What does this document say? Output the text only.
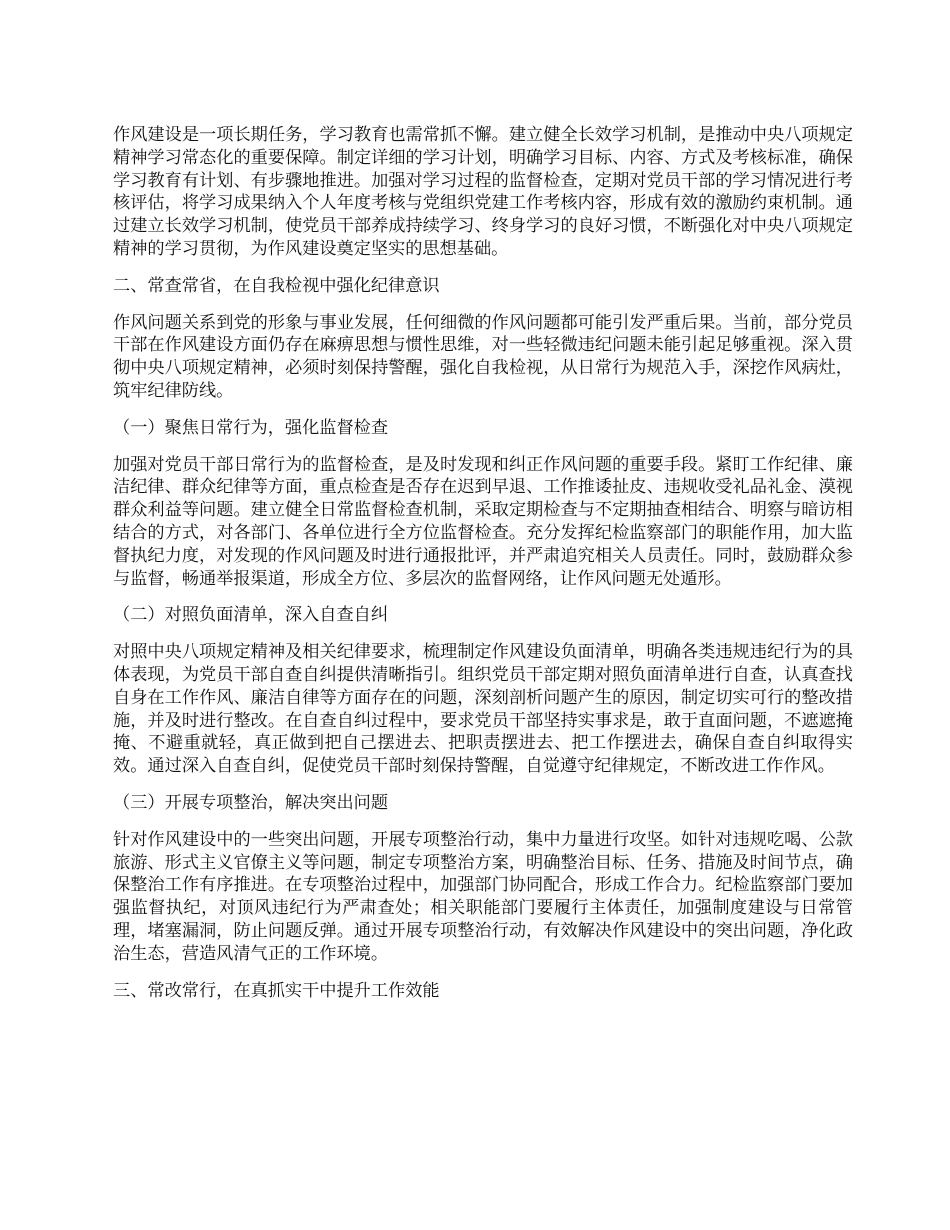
作风建设是一项长期任务，学习教育也需常抓不懈。建立健全长效学习机制，是推动中央八项规定精神学习常态化的重要保障。制定详细的学习计划，明确学习目标、内容、方式及考核标准，确保学习教育有计划、有步骤地推进。加强对学习过程的监督检查，定期对党员干部的学习情况进行考核评估，将学习成果纳入个人年度考核与党组织党建工作考核内容，形成有效的激励约束机制。通过建立长效学习机制，使党员干部养成持续学习、终身学习的良好习惯，不断强化对中央八项规定精神的学习贯彻，为作风建设奠定坚实的思想基础。

二、常查常省，在自我检视中强化纪律意识

作风问题关系到党的形象与事业发展，任何细微的作风问题都可能引发严重后果。当前，部分党员干部在作风建设方面仍存在麻痹思想与惯性思维，对一些轻微违纪问题未能引起足够重视。深入贯彻中央八项规定精神，必须时刻保持警醒，强化自我检视，从日常行为规范入手，深挖作风病灶，筑牢纪律防线。

（一）聚焦日常行为，强化监督检查

加强对党员干部日常行为的监督检查，是及时发现和纠正作风问题的重要手段。紧盯工作纪律、廉洁纪律、群众纪律等方面，重点检查是否存在迟到早退、工作推诿扯皮、违规收受礼品礼金、漠视群众利益等问题。建立健全日常监督检查机制，采取定期检查与不定期抽查相结合、明察与暗访相结合的方式，对各部门、各单位进行全方位监督检查。充分发挥纪检监察部门的职能作用，加大监督执纪力度，对发现的作风问题及时进行通报批评，并严肃追究相关人员责任。同时，鼓励群众参与监督，畅通举报渠道，形成全方位、多层次的监督网络，让作风问题无处遁形。

（二）对照负面清单，深入自查自纠

对照中央八项规定精神及相关纪律要求，梳理制定作风建设负面清单，明确各类违规违纪行为的具体表现，为党员干部自查自纠提供清晰指引。组织党员干部定期对照负面清单进行自查，认真查找自身在工作作风、廉洁自律等方面存在的问题，深刻剖析问题产生的原因，制定切实可行的整改措施，并及时进行整改。在自查自纠过程中，要求党员干部坚持实事求是，敢于直面问题，不遮遮掩掩、不避重就轻，真正做到把自己摆进去、把职责摆进去、把工作摆进去，确保自查自纠取得实效。通过深入自查自纠，促使党员干部时刻保持警醒，自觉遵守纪律规定，不断改进工作作风。

（三）开展专项整治，解决突出问题

针对作风建设中的一些突出问题，开展专项整治行动，集中力量进行攻坚。如针对违规吃喝、公款旅游、形式主义官僚主义等问题，制定专项整治方案，明确整治目标、任务、措施及时间节点，确保整治工作有序推进。在专项整治过程中，加强部门协同配合，形成工作合力。纪检监察部门要加强监督执纪，对顶风违纪行为严肃查处；相关职能部门要履行主体责任，加强制度建设与日常管理，堵塞漏洞，防止问题反弹。通过开展专项整治行动，有效解决作风建设中的突出问题，净化政治生态，营造风清气正的工作环境。

三、常改常行，在真抓实干中提升工作效能
